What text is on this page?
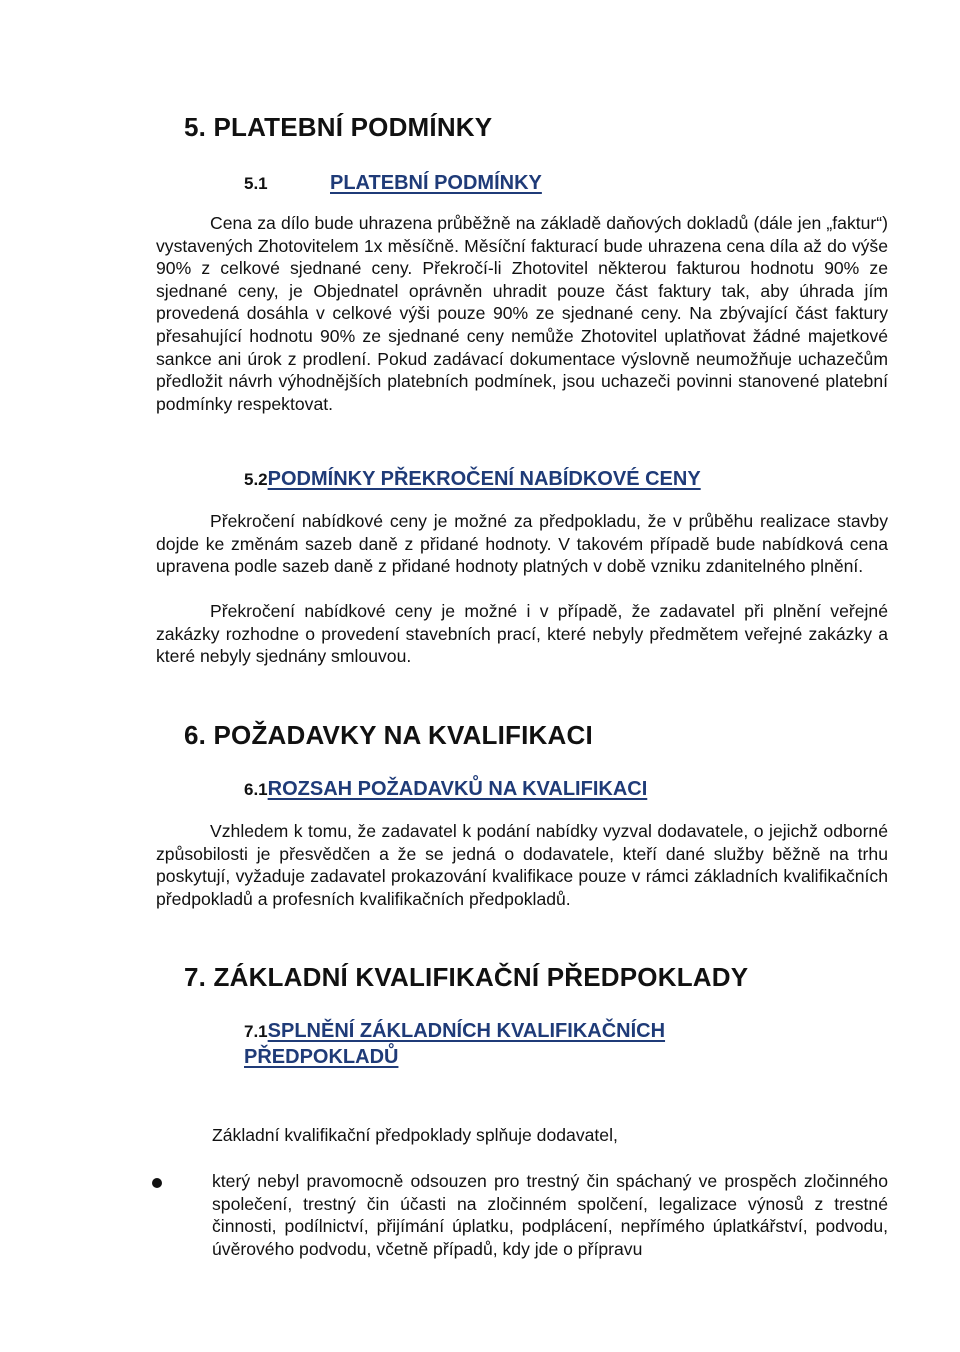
5. PLATEBNÍ PODMÍNKY
5.1	PLATEBNÍ PODMÍNKY

Cena za dílo bude uhrazena průběžně na základě daňových dokladů (dále jen „faktur“) vystavených Zhotovitelem 1x měsíčně. Měsíční fakturací bude uhrazena cena díla až do výše 90% z celkové sjednané ceny. Překročí-li Zhotovitel některou fakturou hodnotu 90% ze sjednané ceny, je Objednatel oprávněn uhradit pouze část faktury tak, aby úhrada jím provedená dosáhla v celkové výši pouze 90% ze sjednané ceny. Na zbývající část faktury přesahující hodnotu 90% ze sjednané ceny nemůže Zhotovitel uplatňovat žádné majetkové sankce ani úrok z prodlení. Pokud zadávací dokumentace výslovně neumožňuje uchazečům předložit návrh výhodnějších platebních podmínek, jsou uchazeči povinni stanovené platební podmínky respektovat.

5.2PODMÍNKY PŘEKROČENÍ NABÍDKOVÉ CENY

Překročení nabídkové ceny je možné za předpokladu, že v průběhu realizace stavby dojde ke změnám sazeb daně z přidané hodnoty. V takovém případě bude nabídková cena upravena podle sazeb daně z přidané hodnoty platných v době vzniku zdanitelného plnění.

Překročení nabídkové ceny je možné i v případě, že zadavatel při plnění veřejné zakázky rozhodne o provedení stavebních prací, které nebyly předmětem veřejné zakázky a které nebyly sjednány smlouvou.

6. POŽADAVKY NA KVALIFIKACI
6.1ROZSAH POŽADAVKŮ NA KVALIFIKACI

Vzhledem k tomu, že zadavatel k podání nabídky vyzval dodavatele, o jejichž odborné způsobilosti je přesvědčen a že se jedná o dodavatele, kteří dané služby běžně na trhu poskytují, vyžaduje zadavatel prokazování kvalifikace pouze v rámci základních kvalifikačních předpokladů a profesních kvalifikačních předpokladů.

7. ZÁKLADNÍ KVALIFIKAČNÍ PŘEDPOKLADY
7.1SPLNĚNÍ ZÁKLADNÍCH KVALIFIKAČNÍCH
PŘEDPOKLADŮ

Základní kvalifikační předpoklady splňuje dodavatel,

který nebyl pravomocně odsouzen pro trestný čin spáchaný ve prospěch zločinného společení, trestný čin účasti na zločinném spolčení, legalizace výnosů z trestné činnosti, podílnictví, přijímání úplatku, podplácení, nepřímého úplatkářství, podvodu, úvěrového podvodu, včetně případů, kdy jde o přípravu
